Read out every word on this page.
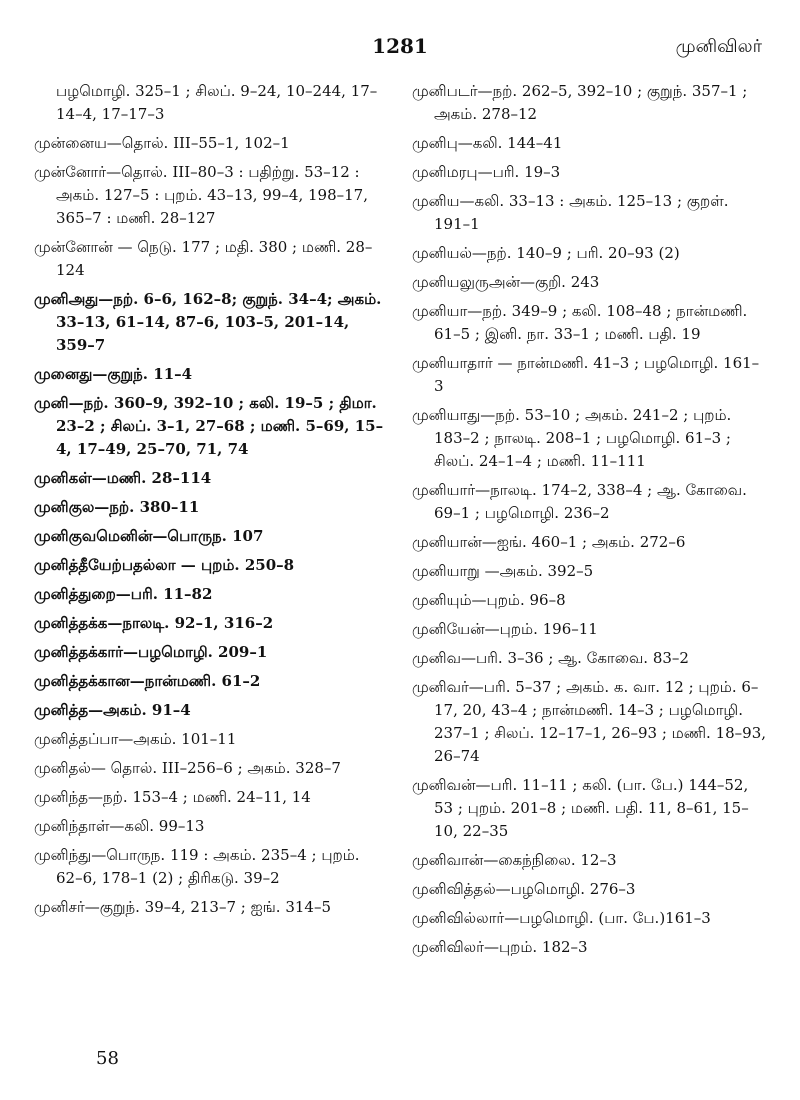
1281	முனிவிலர்

பழமொழி. 325–1 ; சிலப். 9–24, 10–244, 17–14–4, 17–17–3

முன்னைய—தொல். III–55–1, 102–1

முன்னோர்—தொல். III–80–3 : பதிற்று. 53–12 : அகம். 127–5 : புறம். 43–13, 99–4, 198–17, 365–7 : மணி. 28–127

முன்னோன் — நெடு. 177 ; மதி. 380 ; மணி. 28–124

முனிஅது—நற். 6–6, 162–8; குறுந். 34–4; அகம். 33–13, 61–14, 87–6, 103–5, 201–14, 359–7

முனைது—குறுந். 11–4

முனி—நற். 360–9, 392–10 ; கலி. 19–5 ; திமா. 23–2 ; சிலப். 3–1, 27–68 ; மணி. 5–69, 15–4, 17–49, 25–70, 71, 74

முனிகள்—மணி. 28–114

முனிகுல—நற். 380–11

முனிகுவமெனின்—பொருந. 107

முனித்தீயேற்பதல்லா — புறம். 250–8

முனித்துறை—பரி. 11–82

முனித்தக்க—நாலடி. 92–1, 316–2

முனித்தக்கார்—பழமொழி. 209–1

முனித்தக்கான—நான்மணி. 61–2

முனித்த—அகம். 91–4

முனித்தப்பா—அகம். 101–11

முனிதல்— தொல். III–256–6 ; அகம். 328–7

முனிந்த—நற். 153–4 ; மணி. 24–11, 14

முனிந்தாள்—கலி. 99–13

முனிந்து—பொருந. 119 : அகம். 235–4 ; புறம். 62–6, 178–1 (2) ; திரிகடு. 39–2

முனிசர்—குறுந். 39–4, 213–7 ; ஐங். 314–5

முனிபடர்—நற். 262–5, 392–10 ; குறுந். 357–1 ; அகம். 278–12

முனிபு—கலி. 144–41

முனிமரபு—பரி. 19–3

முனிய—கலி. 33–13 : அகம். 125–13 ; குறள். 191–1

முனியல்—நற். 140–9 ; பரி. 20–93 (2)

முனியலுருஅன்—குறி. 243

முனியா—நற். 349–9 ; கலி. 108–48 ; நான்மணி. 61–5 ; இனி. நா. 33–1 ; மணி. பதி. 19

முனியாதார் — நான்மணி. 41–3 ; பழமொழி. 161–3

முனியாது—நற். 53–10 ; அகம். 241–2 ; புறம். 183–2 ; நாலடி. 208–1 ; பழமொழி. 61–3 ; சிலப். 24–1–4 ; மணி. 11–111

முனியார்—நாலடி. 174–2, 338–4 ; ஆ. கோவை. 69–1 ; பழமொழி. 236–2

முனியான்—ஐங். 460–1 ; அகம். 272–6

முனியாறு —அகம். 392–5

முனியும்—புறம். 96–8

முனியேன்—புறம். 196–11

முனிவ—பரி. 3–36 ; ஆ. கோவை. 83–2

முனிவர்—பரி. 5–37 ; அகம். க. வா. 12 ; புறம். 6–17, 20, 43–4 ; நான்மணி. 14–3 ; பழமொழி. 237–1 ; சிலப். 12–17–1, 26–93 ; மணி. 18–93, 26–74

முனிவன்—பரி. 11–11 ; கலி. (பா. பே.) 144–52, 53 ; புறம். 201–8 ; மணி. பதி. 11, 8–61, 15–10, 22–35

முனிவான்—கைந்நிலை. 12–3

முனிவித்தல்—பழமொழி. 276–3

முனிவில்லார்—பழமொழி. (பா. பே.)161–3

முனிவிலர்—புறம். 182–3

58
